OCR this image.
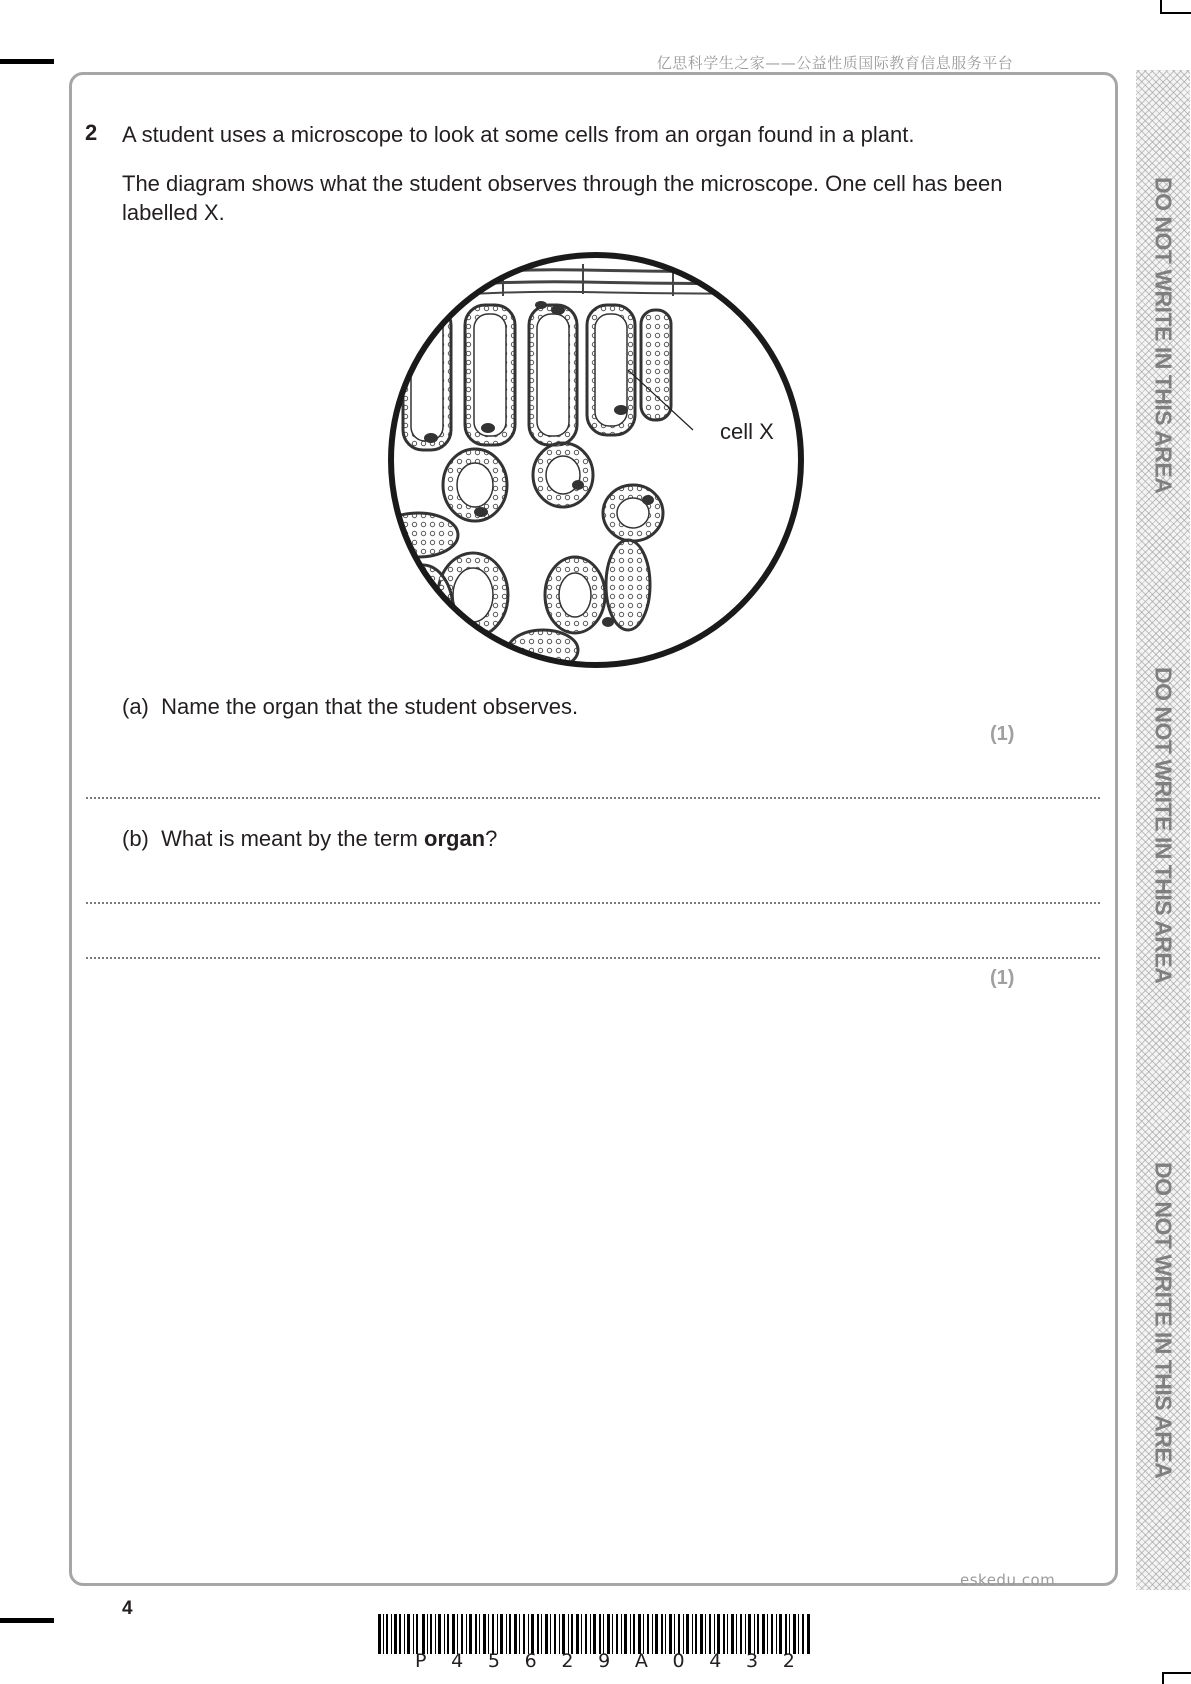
亿思科学生之家——公益性质国际教育信息服务平台
DO NOT WRITE IN THIS AREA
DO NOT WRITE IN THIS AREA
DO NOT WRITE IN THIS AREA
2 A student uses a microscope to look at some cells from an organ found in a plant.
The diagram shows what the student observes through the microscope. One cell has been labelled X.
cell X
(a) Name the organ that the student observes.
(1)
(b) What is meant by the term organ?
(1)
eskedu.com
4
P 4 5 6 2 9 A 0 4 3 2
